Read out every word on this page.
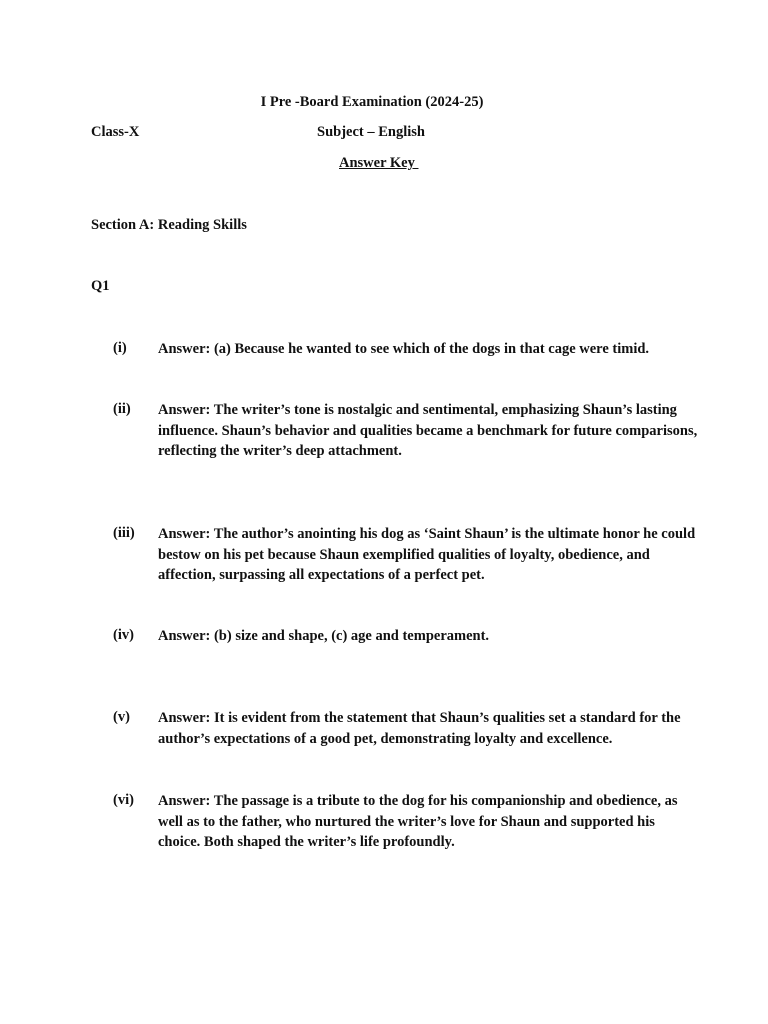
I Pre -Board Examination (2024-25)
Class-X	Subject – English
Answer Key
Section A: Reading Skills
Q1
(i) Answer: (a) Because he wanted to see which of the dogs in that cage were timid.
(ii) Answer: The writer’s tone is nostalgic and sentimental, emphasizing Shaun’s lasting influence. Shaun’s behavior and qualities became a benchmark for future comparisons, reflecting the writer’s deep attachment.
(iii) Answer: The author’s anointing his dog as ‘Saint Shaun’ is the ultimate honor he could bestow on his pet because Shaun exemplified qualities of loyalty, obedience, and affection, surpassing all expectations of a perfect pet.
(iv) Answer: (b) size and shape, (c) age and temperament.
(v) Answer: It is evident from the statement that Shaun’s qualities set a standard for the author’s expectations of a good pet, demonstrating loyalty and excellence.
(vi) Answer: The passage is a tribute to the dog for his companionship and obedience, as well as to the father, who nurtured the writer’s love for Shaun and supported his choice. Both shaped the writer’s life profoundly.
